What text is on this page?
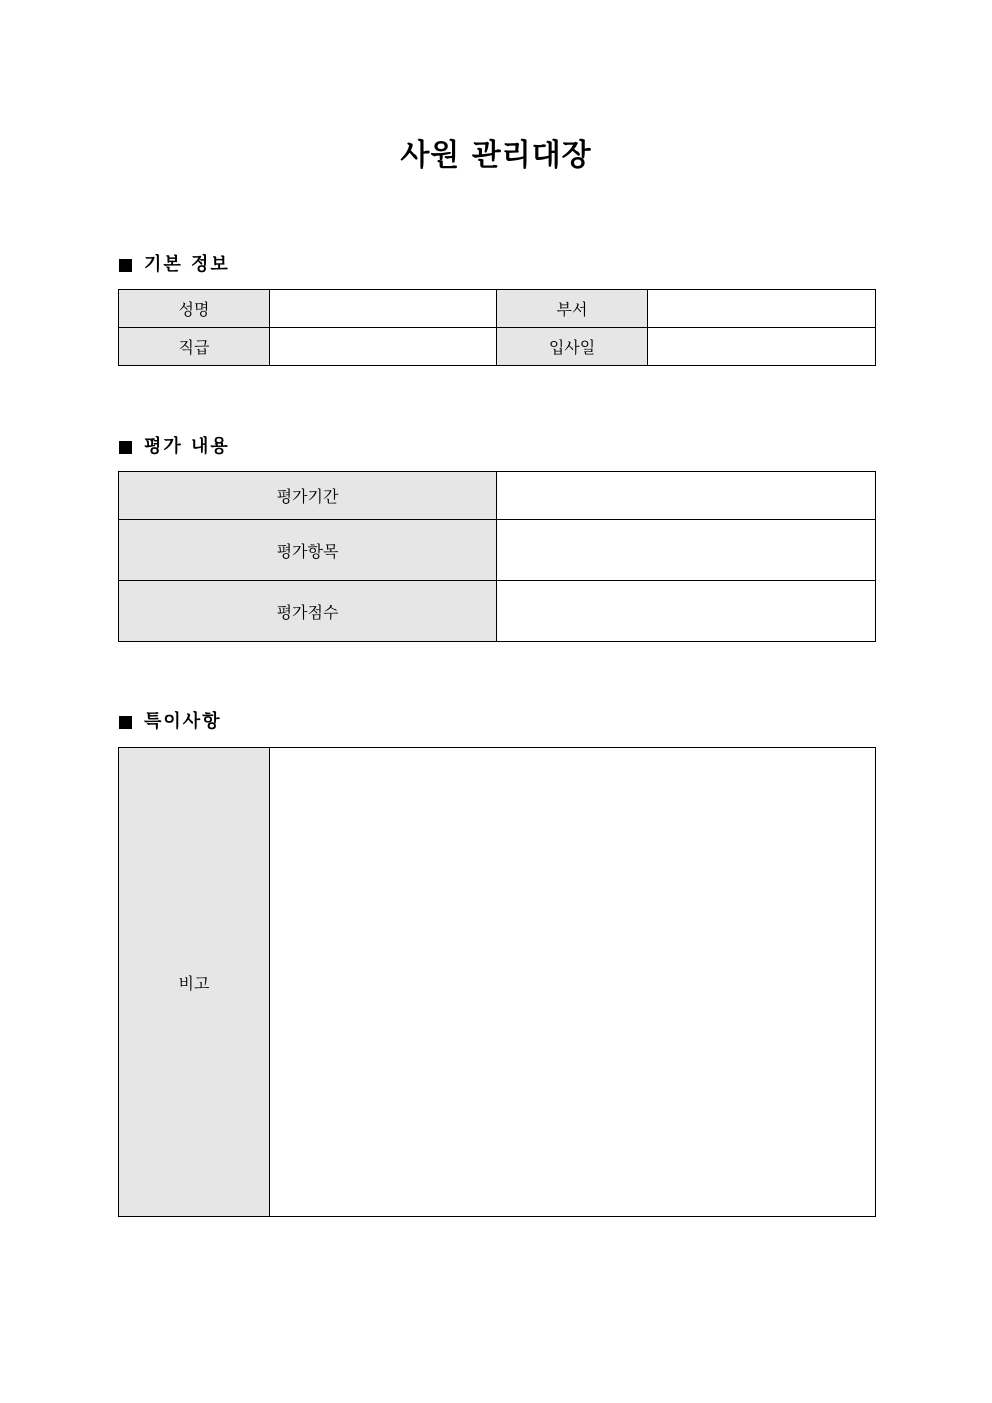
사원 관리대장
기본 정보
성명		부서	
직급		입사일	
평가 내용
평가기간	
평가항목	
평가점수	
특이사항
비고	
